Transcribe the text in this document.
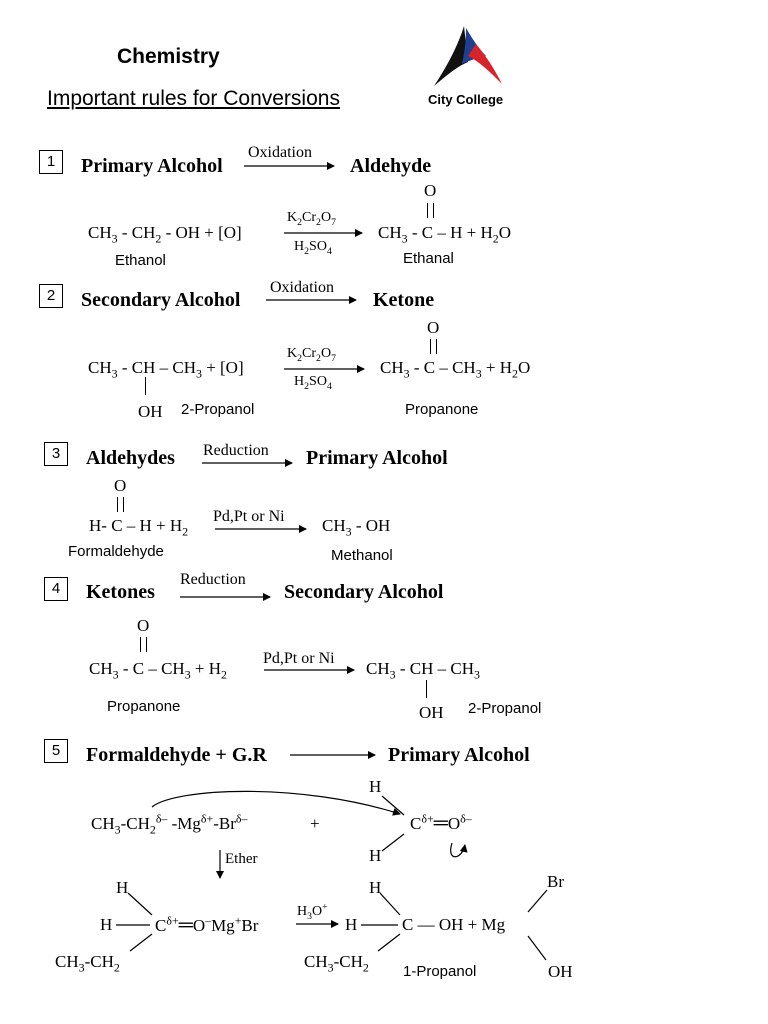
Chemistry
Important rules for Conversions	City College
1	Primary Alcohol
Oxidation
Aldehyde
$CH_3 - CH_2$ - OH + [O]
$K_2Cr_2O_7$
$H_2SO_4$
O
$CH_3 - C - H + H_2O$
Ethanol	Ethanal
2	Secondary Alcohol
Oxidation
Ketone
$CH_3$ - CH – $CH_3 + [O]$
OH
$K_2Cr_2O_7$
$H_2SO_4$
O
$CH_3 - C - CH_3 + H_2O$
2-Propanol	Propanone
3	Aldehydes Reduction Primary Alcohol
O
H- $C - H + H_2$
Pd,Pt or Ni $CH_3$ - OH
Formaldehyde	Methanol
4	Ketones
Reduction
Secondary Alcohol
O
$CH_3 - C - CH_3 + H_2$
Pd,Pt or Ni
$CH_3$ - CH – $CH_3$
OH
Propanone	2-Propanol
5	Formaldehyde + G.R	Primary Alcohol
$CH_3-CH_2^{\delta-}$ $-Mg^{\delta+}-Br^{\delta-}$	+
H
H
$C^{\delta+}═O^{\delta-}$
Ether
H
H
$CH_3-CH_2$
$C^{\delta+}═O^-Mg^+Br$
$H_3O^+$
H
H
$CH_3-CH_2$
C — OH + Mg
Br
OH
1-Propanol
